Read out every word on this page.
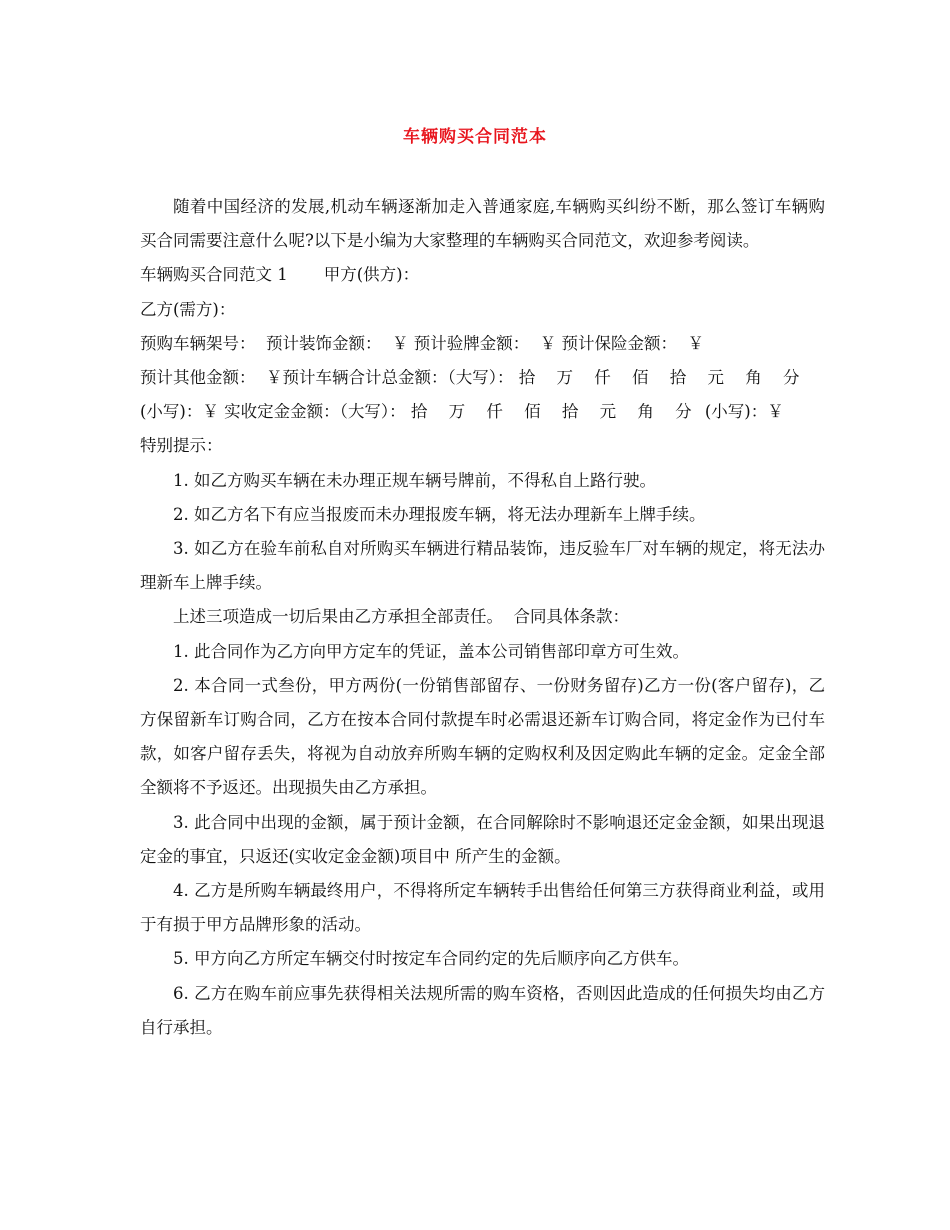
车辆购买合同范本

随着中国经济的发展,机动车辆逐渐加走入普通家庭,车辆购买纠纷不断，那么签订车辆购买合同需要注意什么呢?以下是小编为大家整理的车辆购买合同范文，欢迎参考阅读。

车辆购买合同范文 1 甲方(供方)：

乙方(需方)：

预购车辆架号：  预计装饰金额：  ￥ 预计验牌金额：  ￥ 预计保险金额：  ￥

预计其他金额：  ￥预计车辆合计总金额：（大写）： 拾 万 仟 佰 拾 元 角 分

(小写)：￥ 实收定金金额：（大写）： 拾 万 仟 佰 拾 元 角 分 (小写)：￥

特别提示：

1. 如乙方购买车辆在未办理正规车辆号牌前，不得私自上路行驶。

2. 如乙方名下有应当报废而未办理报废车辆，将无法办理新车上牌手续。

3. 如乙方在验车前私自对所购买车辆进行精品装饰，违反验车厂对车辆的规定，将无法办理新车上牌手续。

上述三项造成一切后果由乙方承担全部责任。  合同具体条款：

1. 此合同作为乙方向甲方定车的凭证，盖本公司销售部印章方可生效。

2. 本合同一式叁份，甲方两份(一份销售部留存、一份财务留存)乙方一份(客户留存)，乙方保留新车订购合同，乙方在按本合同付款提车时必需退还新车订购合同，将定金作为已付车款，如客户留存丢失，将视为自动放弃所购车辆的定购权利及因定购此车辆的定金。定金全部全额将不予返还。出现损失由乙方承担。

3. 此合同中出现的金额，属于预计金额，在合同解除时不影响退还定金金额，如果出现退定金的事宜，只返还(实收定金金额)项目中 所产生的金额。

4. 乙方是所购车辆最终用户，不得将所定车辆转手出售给任何第三方获得商业利益，或用于有损于甲方品牌形象的活动。

5. 甲方向乙方所定车辆交付时按定车合同约定的先后顺序向乙方供车。

6. 乙方在购车前应事先获得相关法规所需的购车资格，否则因此造成的任何损失均由乙方自行承担。
